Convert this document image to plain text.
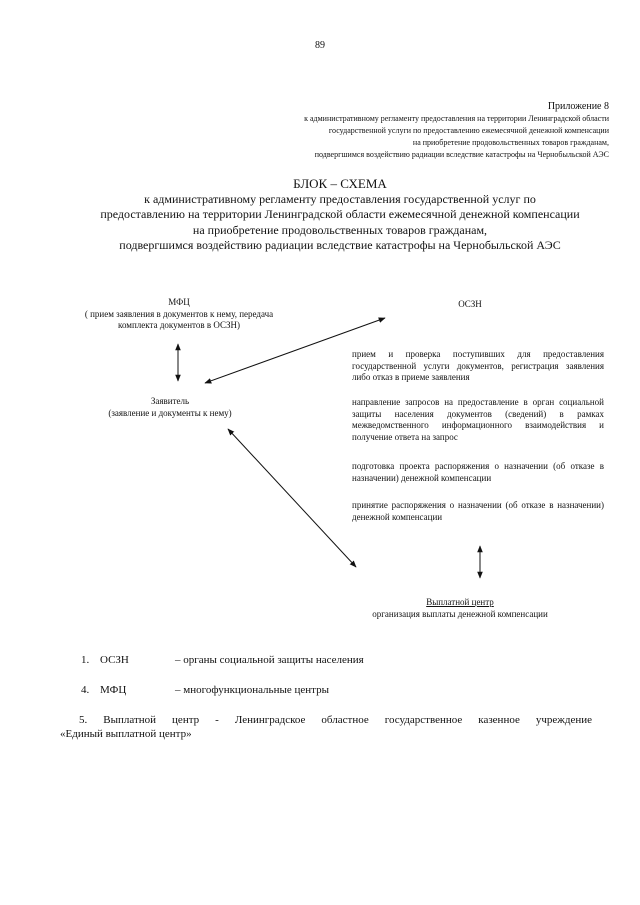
89
Приложение 8
к административному регламенту предоставления на территории Ленинградской области
государственной услуги по предоставлению ежемесячной денежной компенсации
на приобретение продовольственных товаров гражданам,
подвергшимся воздействию радиации вследствие катастрофы на Чернобыльской АЭС
БЛОК – СХЕМА
к административному регламенту предоставления государственной услуг по
предоставлению на территории Ленинградской области ежемесячной денежной компенсации
на приобретение продовольственных товаров гражданам,
подвергшимся воздействию радиации вследствие катастрофы на Чернобыльской АЭС
МФЦ
( прием заявления в документов к нему, передача
комплекта документов в ОСЗН)
ОСЗН
Заявитель
(заявление и документы к нему)
прием и проверка поступивших для предоставления государственной услуги документов, регистрация заявления либо отказ в приеме заявления
направление запросов на предоставление в орган социальной защиты населения документов (сведений) в рамках межведомственного информационного взаимодействия и получение ответа на запрос
подготовка проекта распоряжения о назначении (об отказе в назначении) денежной компенсации
принятие распоряжения о назначении (об отказе в назначении) денежной компенсации
Выплатной центр
организация выплаты денежной компенсации
1. ОСЗН	– органы социальной защиты населения
4. МФЦ	– многофункциональные центры
5. Выплатной центр - Ленинградское областное государственное казенное учреждение
«Единый выплатной центр»
